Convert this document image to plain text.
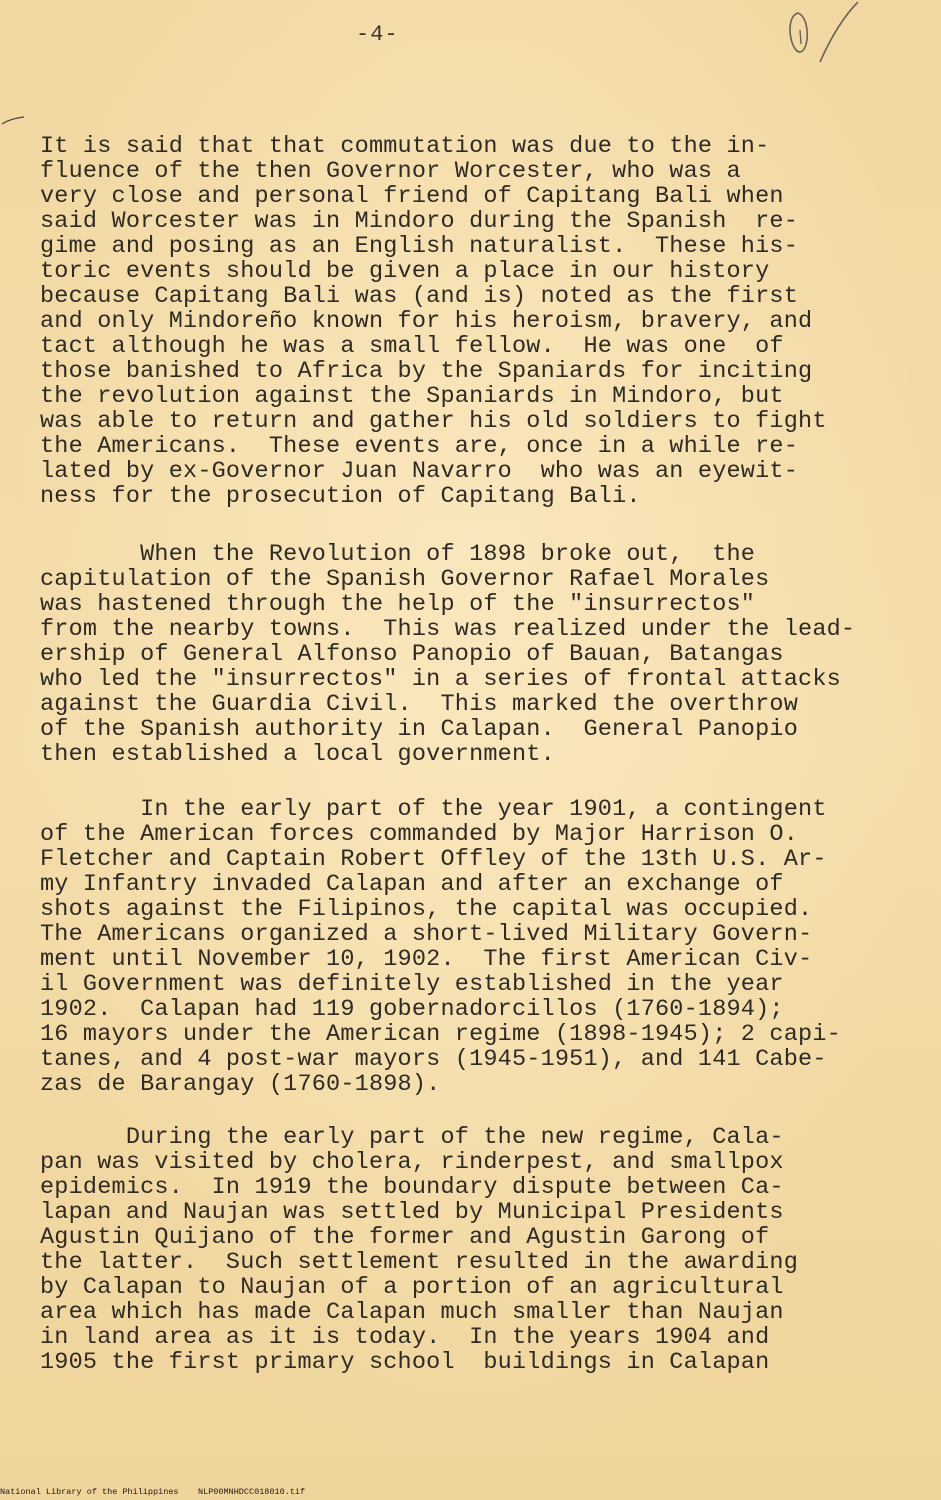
-4-
It is said that that commutation was due to the in-
fluence of the then Governor Worcester, who was a
very close and personal friend of Capitang Bali when
said Worcester was in Mindoro during the Spanish  re-
gime and posing as an English naturalist.  These his-
toric events should be given a place in our history
because Capitang Bali was (and is) noted as the first
and only Mindoreño known for his heroism, bravery, and
tact although he was a small fellow.  He was one  of
those banished to Africa by the Spaniards for inciting
the revolution against the Spaniards in Mindoro, but
was able to return and gather his old soldiers to fight
the Americans.  These events are, once in a while re-
lated by ex-Governor Juan Navarro  who was an eyewit-
ness for the prosecution of Capitang Bali.
When the Revolution of 1898 broke out,  the
capitulation of the Spanish Governor Rafael Morales
was hastened through the help of the "insurrectos"
from the nearby towns.  This was realized under the lead-
ership of General Alfonso Panopio of Bauan, Batangas
who led the "insurrectos" in a series of frontal attacks
against the Guardia Civil.  This marked the overthrow
of the Spanish authority in Calapan.  General Panopio
then established a local government.
In the early part of the year 1901, a contingent
of the American forces commanded by Major Harrison O.
Fletcher and Captain Robert Offley of the 13th U.S. Ar-
my Infantry invaded Calapan and after an exchange of
shots against the Filipinos, the capital was occupied.
The Americans organized a short-lived Military Govern-
ment until November 10, 1902.  The first American Civ-
il Government was definitely established in the year
1902.  Calapan had 119 gobernadorcillos (1760-1894);
16 mayors under the American regime (1898-1945); 2 capi-
tanes, and 4 post-war mayors (1945-1951), and 141 Cabe-
zas de Barangay (1760-1898).
During the early part of the new regime, Cala-
pan was visited by cholera, rinderpest, and smallpox
epidemics.  In 1919 the boundary dispute between Ca-
lapan and Naujan was settled by Municipal Presidents
Agustin Quijano of the former and Agustin Garong of
the latter.  Such settlement resulted in the awarding
by Calapan to Naujan of a portion of an agricultural
area which has made Calapan much smaller than Naujan
in land area as it is today.  In the years 1904 and
1905 the first primary school  buildings in Calapan
National Library of the Philippines NLP00MNHDCC018010.tif
